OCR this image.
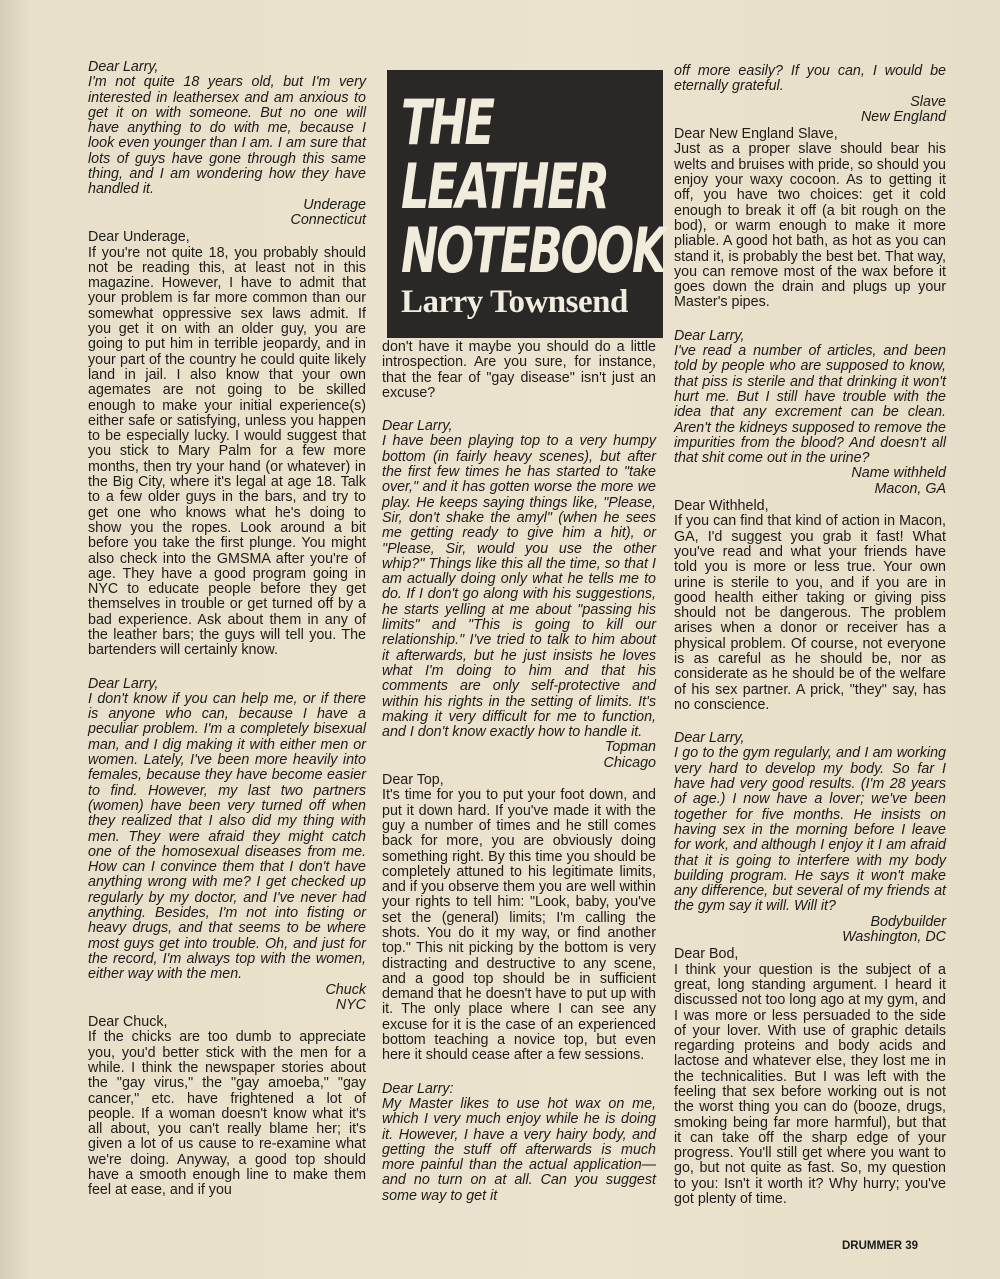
Dear Larry,

I'm not quite 18 years old, but I'm very interested in leathersex and am anxious to get it on with someone. But no one will have anything to do with me, because I look even younger than I am. I am sure that lots of guys have gone through this same thing, and I am wondering how they have handled it.

Underage
Connecticut

Dear Underage,

If you're not quite 18, you probably should not be reading this, at least not in this magazine. However, I have to admit that your problem is far more common than our somewhat oppressive sex laws admit. If you get it on with an older guy, you are going to put him in terrible jeopardy, and in your part of the country he could quite likely land in jail. I also know that your own agemates are not going to be skilled enough to make your initial experience(s) either safe or satisfying, unless you happen to be especially lucky. I would suggest that you stick to Mary Palm for a few more months, then try your hand (or whatever) in the Big City, where it's legal at age 18. Talk to a few older guys in the bars, and try to get one who knows what he's doing to show you the ropes. Look around a bit before you take the first plunge. You might also check into the GMSMA after you're of age. They have a good program going in NYC to educate people before they get themselves in trouble or get turned off by a bad experience. Ask about them in any of the leather bars; the guys will tell you. The bartenders will certainly know.

Dear Larry,

I don't know if you can help me, or if there is anyone who can, because I have a peculiar problem. I'm a completely bisexual man, and I dig making it with either men or women. Lately, I've been more heavily into females, because they have become easier to find. However, my last two partners (women) have been very turned off when they realized that I also did my thing with men. They were afraid they might catch one of the homosexual diseases from me. How can I convince them that I don't have anything wrong with me? I get checked up regularly by my doctor, and I've never had anything. Besides, I'm not into fisting or heavy drugs, and that seems to be where most guys get into trouble. Oh, and just for the record, I'm always top with the women, either way with the men.

Chuck
NYC

Dear Chuck,

If the chicks are too dumb to appreciate you, you'd better stick with the men for a while. I think the newspaper stories about the "gay virus," the "gay amoeba," "gay cancer," etc. have frightened a lot of people. If a woman doesn't know what it's all about, you can't really blame her; it's given a lot of us cause to re-examine what we're doing. Anyway, a good top should have a smooth enough line to make them feel at ease, and if you

THE
LEATHER
NOTEBOOK
Larry Townsend

don't have it maybe you should do a little introspection. Are you sure, for instance, that the fear of "gay disease" isn't just an excuse?

Dear Larry,

I have been playing top to a very humpy bottom (in fairly heavy scenes), but after the first few times he has started to "take over," and it has gotten worse the more we play. He keeps saying things like, "Please, Sir, don't shake the amyl" (when he sees me getting ready to give him a hit), or "Please, Sir, would you use the other whip?" Things like this all the time, so that I am actually doing only what he tells me to do. If I don't go along with his suggestions, he starts yelling at me about "passing his limits" and "This is going to kill our relationship." I've tried to talk to him about it afterwards, but he just insists he loves what I'm doing to him and that his comments are only self-protective and within his rights in the setting of limits. It's making it very difficult for me to function, and I don't know exactly how to handle it.

Topman
Chicago

Dear Top,

It's time for you to put your foot down, and put it down hard. If you've made it with the guy a number of times and he still comes back for more, you are obviously doing something right. By this time you should be completely attuned to his legitimate limits, and if you observe them you are well within your rights to tell him: "Look, baby, you've set the (general) limits; I'm calling the shots. You do it my way, or find another top." This nit picking by the bottom is very distracting and destructive to any scene, and a good top should be in sufficient demand that he doesn't have to put up with it. The only place where I can see any excuse for it is the case of an experienced bottom teaching a novice top, but even here it should cease after a few sessions.

Dear Larry:

My Master likes to use hot wax on me, which I very much enjoy while he is doing it. However, I have a very hairy body, and getting the stuff off afterwards is much more painful than the actual application— and no turn on at all. Can you suggest some way to get it

off more easily? If you can, I would be eternally grateful.

Slave
New England

Dear New England Slave,

Just as a proper slave should bear his welts and bruises with pride, so should you enjoy your waxy cocoon. As to getting it off, you have two choices: get it cold enough to break it off (a bit rough on the bod), or warm enough to make it more pliable. A good hot bath, as hot as you can stand it, is probably the best bet. That way, you can remove most of the wax before it goes down the drain and plugs up your Master's pipes.

Dear Larry,

I've read a number of articles, and been told by people who are supposed to know, that piss is sterile and that drinking it won't hurt me. But I still have trouble with the idea that any excrement can be clean. Aren't the kidneys supposed to remove the impurities from the blood? And doesn't all that shit come out in the urine?

Name withheld
Macon, GA

Dear Withheld,

If you can find that kind of action in Macon, GA, I'd suggest you grab it fast! What you've read and what your friends have told you is more or less true. Your own urine is sterile to you, and if you are in good health either taking or giving piss should not be dangerous. The problem arises when a donor or receiver has a physical problem. Of course, not everyone is as careful as he should be, nor as considerate as he should be of the welfare of his sex partner. A prick, "they" say, has no conscience.

Dear Larry,

I go to the gym regularly, and I am working very hard to develop my body. So far I have had very good results. (I'm 28 years of age.) I now have a lover; we've been together for five months. He insists on having sex in the morning before I leave for work, and although I enjoy it I am afraid that it is going to interfere with my body building program. He says it won't make any difference, but several of my friends at the gym say it will. Will it?

Bodybuilder
Washington, DC

Dear Bod,

I think your question is the subject of a great, long standing argument. I heard it discussed not too long ago at my gym, and I was more or less persuaded to the side of your lover. With use of graphic details regarding proteins and body acids and lactose and whatever else, they lost me in the technicalities. But I was left with the feeling that sex before working out is not the worst thing you can do (booze, drugs, smoking being far more harmful), but that it can take off the sharp edge of your progress. You'll still get where you want to go, but not quite as fast. So, my question to you: Isn't it worth it? Why hurry; you've got plenty of time.

DRUMMER 39
